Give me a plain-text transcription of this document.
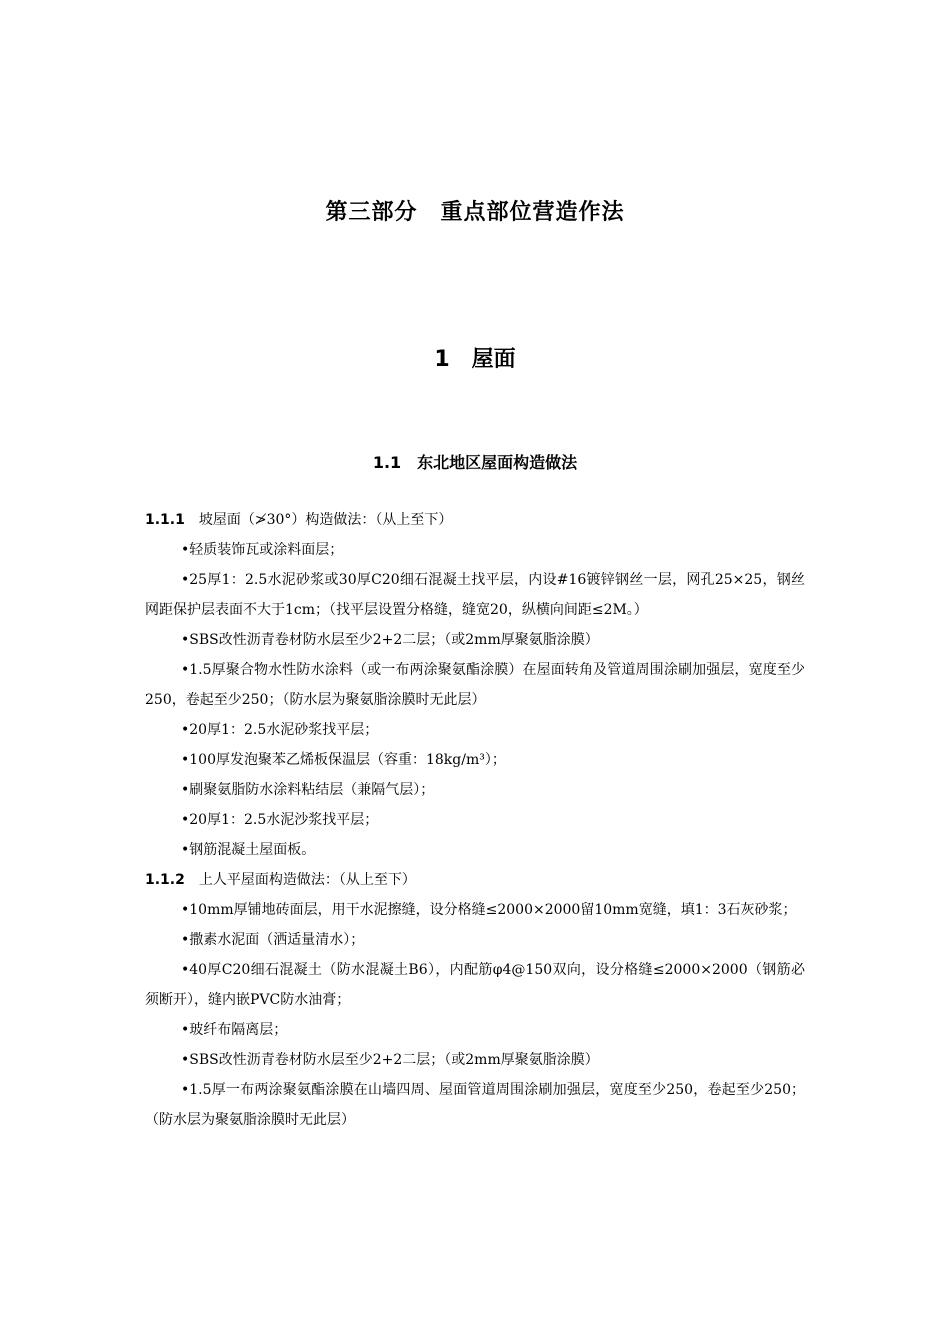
第三部分　重点部位营造作法
1　屋面
1.1　东北地区屋面构造做法
1.1.1 坡屋面（≯30°）构造做法：（从上至下）
•轻质装饰瓦或涂料面层；
•25厚1：2.5水泥砂浆或30厚C20细石混凝土找平层，内设#16镀锌钢丝一层，网孔25×25，钢丝网距保护层表面不大于1cm；（找平层设置分格缝，缝宽20，纵横向间距≤2M。）
•SBS改性沥青卷材防水层至少2+2二层；（或2mm厚聚氨脂涂膜）
•1.5厚聚合物水性防水涂料（或一布两涂聚氨酯涂膜）在屋面转角及管道周围涂刷加强层，宽度至少250，卷起至少250；（防水层为聚氨脂涂膜时无此层）
•20厚1：2.5水泥砂浆找平层；
•100厚发泡聚苯乙烯板保温层（容重：18kg/m³）；
•刷聚氨脂防水涂料粘结层（兼隔气层）；
•20厚1：2.5水泥沙浆找平层；
•钢筋混凝土屋面板。
1.1.2 上人平屋面构造做法：（从上至下）
•10mm厚铺地砖面层，用干水泥擦缝，设分格缝≤2000×2000留10mm宽缝，填1：3石灰砂浆；
•撒素水泥面（洒适量清水）；
•40厚C20细石混凝土（防水混凝土B6），内配筋φ4@150双向，设分格缝≤2000×2000（钢筋必须断开），缝内嵌PVC防水油膏；
•玻纤布隔离层；
•SBS改性沥青卷材防水层至少2+2二层；（或2mm厚聚氨脂涂膜）
•1.5厚一布两涂聚氨酯涂膜在山墙四周、屋面管道周围涂刷加强层，宽度至少250，卷起至少250；（防水层为聚氨脂涂膜时无此层）
